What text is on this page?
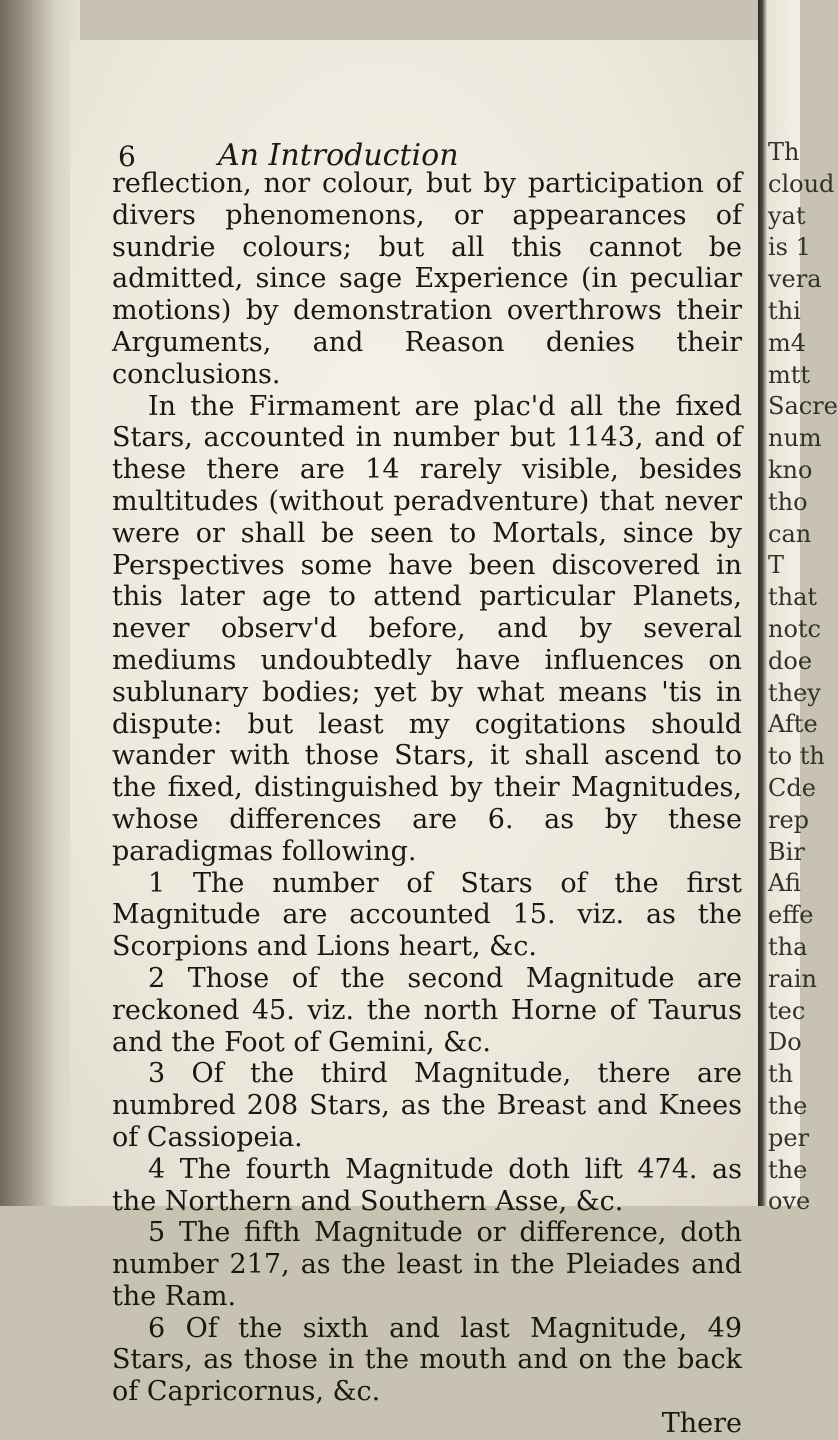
Th
cloud
yat
is 1
vera
thi
m4
mtt
Sacre
num
kno
tho
can
T
that
notc
doe
they
Afte
to th
Cde
rep
Bir
Afi
effe
tha
rain
tec
Do
th
the
per
the
ove
6	An Introduction

reflection, nor colour, but by participation of divers phenomenons, or appearances of sundrie colours; but all this cannot be admitted, since sage Experience (in peculiar motions) by demonstration overthrows their Arguments, and Reason denies their conclusions.

In the Firmament are plac'd all the fixed Stars, accounted in number but 1143, and of these there are 14 rarely visible, besides multitudes (without peradventure) that never were or shall be seen to Mortals, since by Perspectives some have been discovered in this later age to attend particular Planets, never observ'd before, and by several mediums undoubtedly have influences on sublunary bodies; yet by what means 'tis in dispute: but least my cogitations should wander with those Stars, it shall ascend to the fixed, distinguished by their Magnitudes, whose differences are 6. as by these paradigmas following.

1 The number of Stars of the first Magnitude are accounted 15. viz. as the Scorpions and Lions heart, &c.

2 Those of the second Magnitude are reckoned 45. viz. the north Horne of Taurus and the Foot of Gemini, &c.

3 Of the third Magnitude, there are numbred 208 Stars, as the Breast and Knees of Cassiopeia.

4 The fourth Magnitude doth lift 474. as the Northern and Southern Asse, &c.

5 The fifth Magnitude or difference, doth number 217, as the least in the Pleiades and the Ram.

6 Of the sixth and last Magnitude, 49 Stars, as those in the mouth and on the back of Capricornus, &c.

There
